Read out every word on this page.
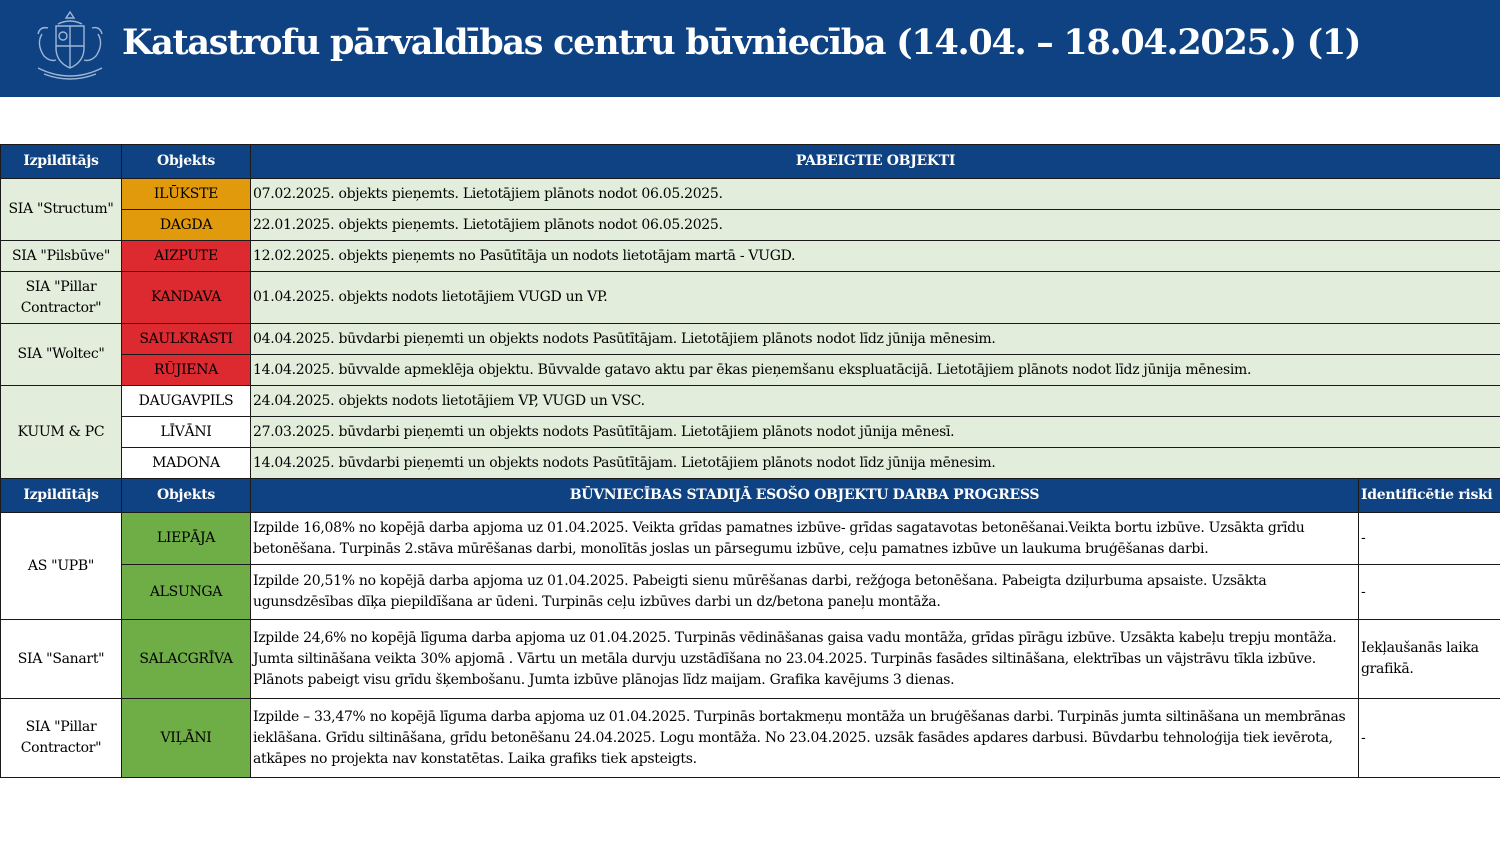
Katastrofu pārvaldības centru būvniecība (14.04. – 18.04.2025.) (1)
Izpildītājs	Objekts	PABEIGTIE OBJEKTI	
SIA "Structum"	ILŪKSTE	07.02.2025. objekts pieņemts. Lietotājiem plānots nodot 06.05.2025.	
	DAGDA	22.01.2025. objekts pieņemts. Lietotājiem plānots nodot 06.05.2025.	
SIA "Pilsbūve"	AIZPUTE	12.02.2025. objekts pieņemts no Pasūtītāja un nodots lietotājam martā - VUGD.	
SIA "Pillar Contractor"	KANDAVA	01.04.2025. objekts nodots lietotājiem VUGD un VP.	
SIA "Woltec"	SAULKRASTI	04.04.2025. būvdarbi pieņemti un objekts nodots Pasūtītājam. Lietotājiem plānots nodot līdz jūnija mēnesim.	
	RŪJIENA	14.04.2025. būvvalde apmeklēja objektu. Būvvalde gatavo aktu par ēkas pieņemšanu ekspluatācijā. Lietotājiem plānots nodot līdz jūnija mēnesim.	
KUUM & PC	DAUGAVPILS	24.04.2025. objekts nodots lietotājiem VP, VUGD un VSC.	
	LĪVĀNI	27.03.2025. būvdarbi pieņemti un objekts nodots Pasūtītājam. Lietotājiem plānots nodot jūnija mēnesī.	
	MADONA	14.04.2025. būvdarbi pieņemti un objekts nodots Pasūtītājam. Lietotājiem plānots nodot līdz jūnija mēnesim.	
Izpildītājs	Objekts	BŪVNIECĪBAS STADIJĀ ESOŠO OBJEKTU DARBA PROGRESS	Identificētie riski
AS "UPB"	LIEPĀJA	Izpilde 16,08% no kopējā darba apjoma uz 01.04.2025. Veikta grīdas pamatnes izbūve- grīdas sagatavotas betonēšanai.Veikta bortu izbūve. Uzsākta grīdu betonēšana. Turpinās 2.stāva mūrēšanas darbi, monolītās joslas un pārsegumu izbūve, ceļu pamatnes izbūve un laukuma bruģēšanas darbi.	-
	ALSUNGA	Izpilde 20,51% no kopējā darba apjoma uz 01.04.2025. Pabeigti sienu mūrēšanas darbi, režģoga betonēšana. Pabeigta dziļurbuma apsaiste. Uzsākta ugunsdzēsības dīķa piepildīšana ar ūdeni. Turpinās ceļu izbūves darbi un dz/betona paneļu montāža.	-
SIA "Sanart"	SALACGRĪVA	Izpilde 24,6% no kopējā līguma darba apjoma uz 01.04.2025. Turpinās vēdināšanas gaisa vadu montāža, grīdas pīrāgu izbūve. Uzsākta kabeļu trepju montāža. Jumta siltināšana veikta 30% apjomā . Vārtu un metāla durvju uzstādīšana no 23.04.2025. Turpinās fasādes siltināšana, elektrības un vājstrāvu tīkla izbūve. Plānots pabeigt visu grīdu šķembošanu. Jumta izbūve plānojas līdz maijam. Grafika kavējums 3 dienas.	Iekļaušanās laika grafikā.
SIA "Pillar Contractor"	VIĻĀNI	Izpilde – 33,47% no kopējā līguma darba apjoma uz 01.04.2025. Turpinās bortakmeņu montāža un bruģēšanas darbi. Turpinās jumta siltināšana un membrānas ieklāšana. Grīdu siltināšana, grīdu betonēšanu 24.04.2025. Logu montāža. No 23.04.2025. uzsāk fasādes apdares darbusi. Būvdarbu tehnoloģija tiek ievērota, atkāpes no projekta nav konstatētas. Laika grafiks tiek apsteigts.	-
